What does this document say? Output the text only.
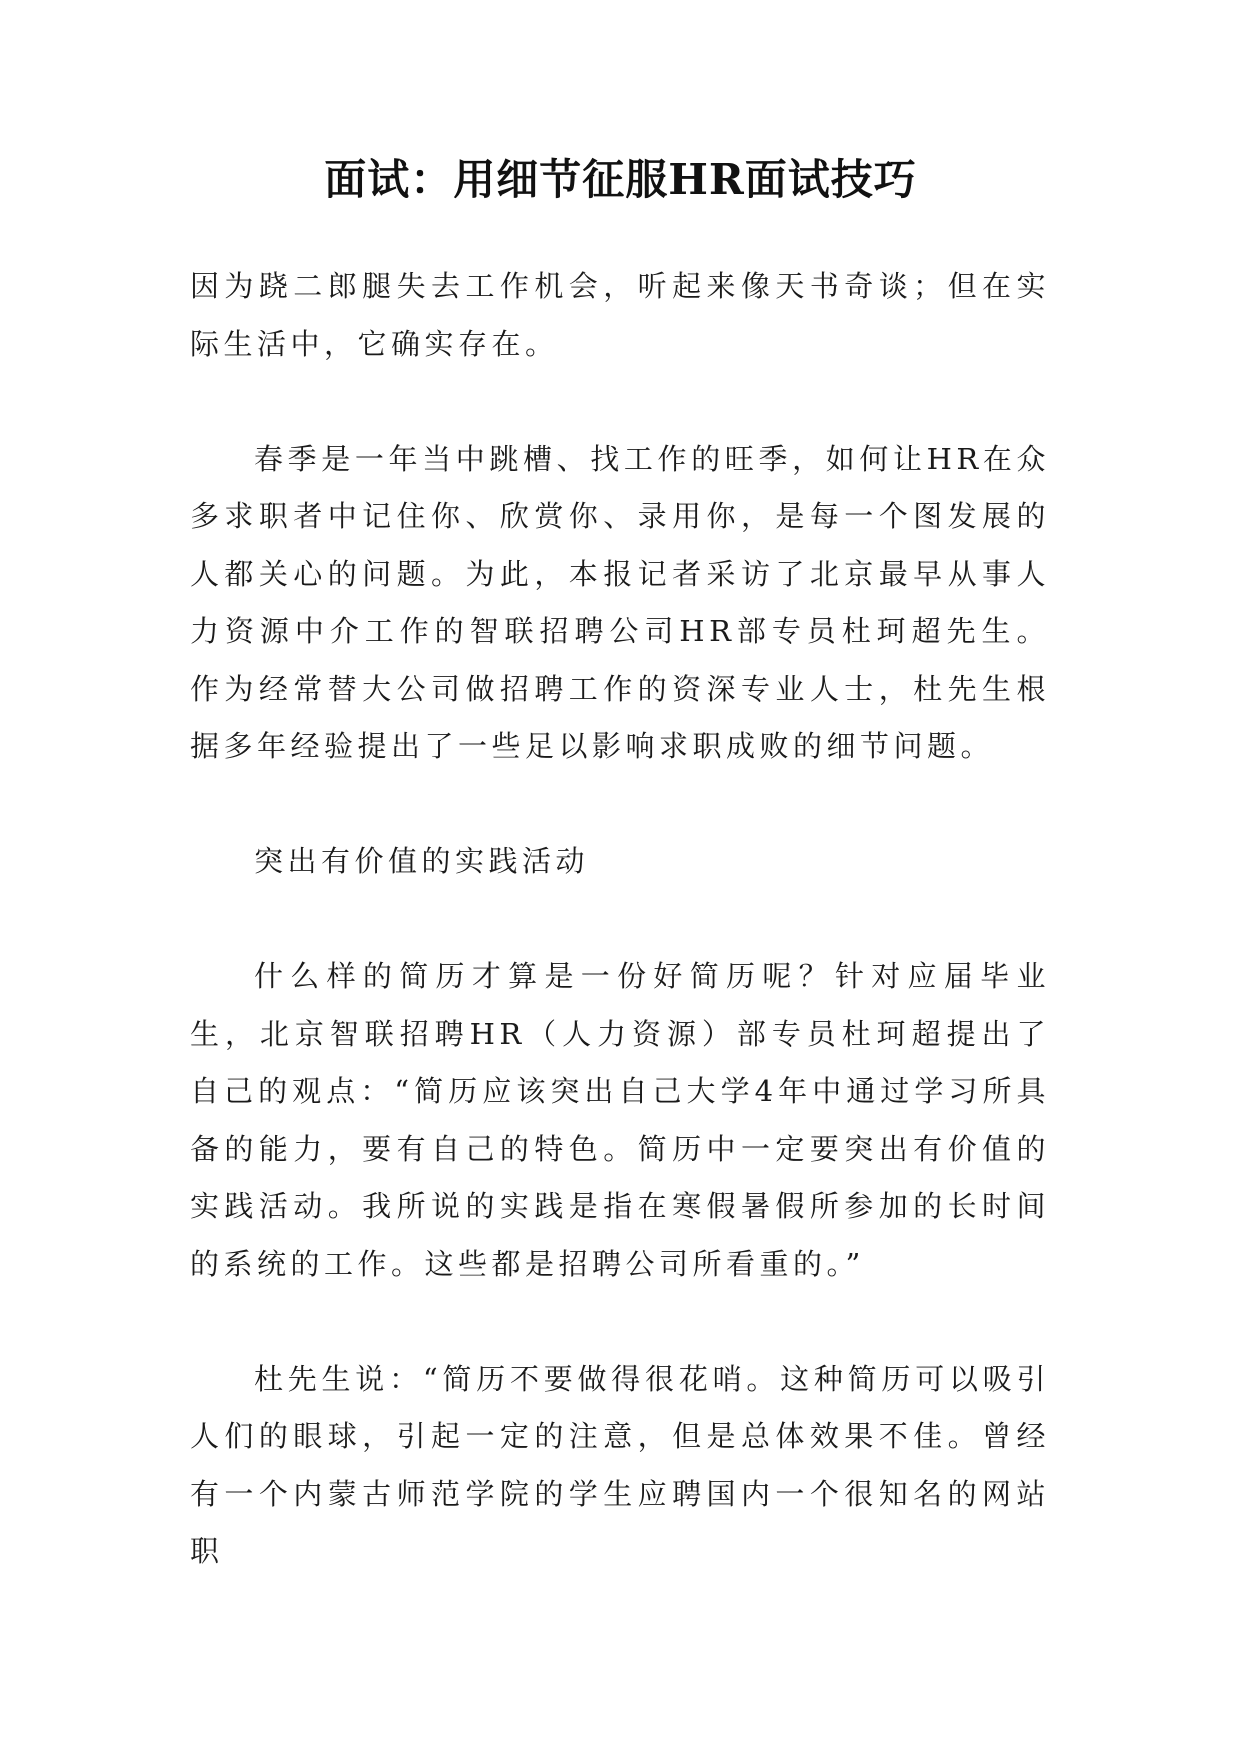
面试：用细节征服HR面试技巧

因为跷二郎腿失去工作机会，听起来像天书奇谈；但在实际生活中，它确实存在。

春季是一年当中跳槽、找工作的旺季，如何让HR在众多求职者中记住你、欣赏你、录用你，是每一个图发展的人都关心的问题。为此，本报记者采访了北京最早从事人力资源中介工作的智联招聘公司HR部专员杜珂超先生。作为经常替大公司做招聘工作的资深专业人士，杜先生根据多年经验提出了一些足以影响求职成败的细节问题。

突出有价值的实践活动

什么样的简历才算是一份好简历呢？针对应届毕业生，北京智联招聘HR（人力资源）部专员杜珂超提出了自己的观点：“简历应该突出自己大学4年中通过学习所具备的能力，要有自己的特色。简历中一定要突出有价值的实践活动。我所说的实践是指在寒假暑假所参加的长时间的系统的工作。这些都是招聘公司所看重的。”

杜先生说：“简历不要做得很花哨。这种简历可以吸引人们的眼球，引起一定的注意，但是总体效果不佳。曾经有一个内蒙古师范学院的学生应聘国内一个很知名的网站职
